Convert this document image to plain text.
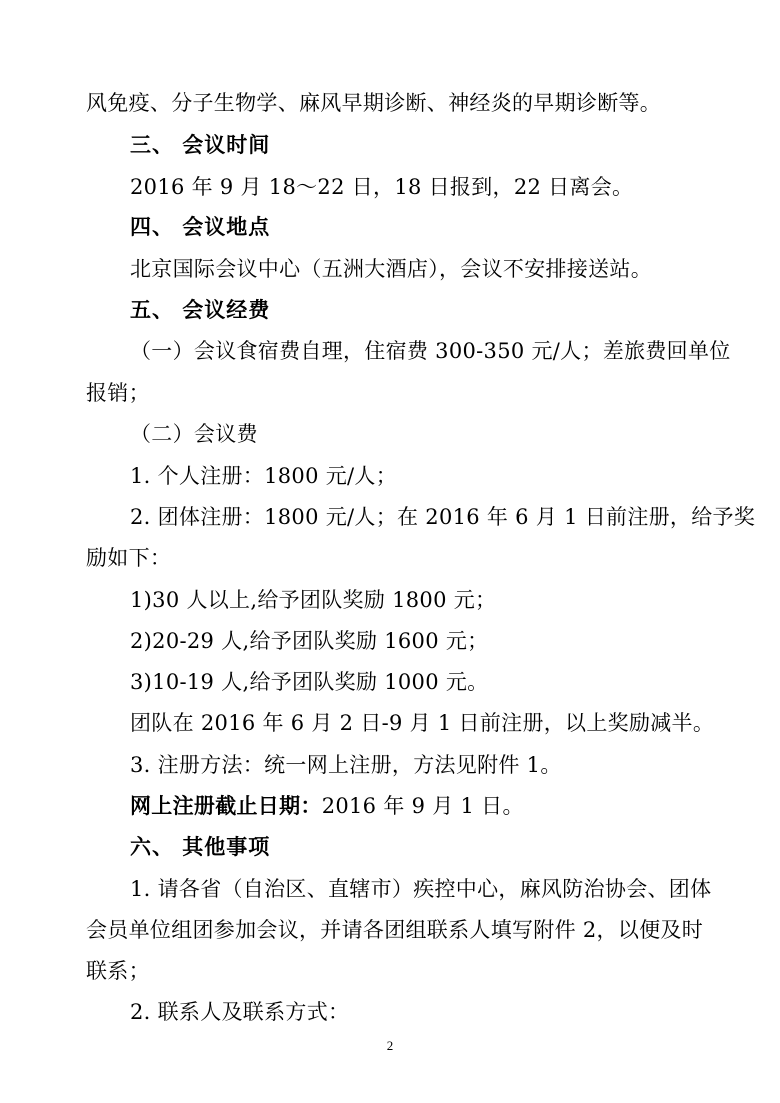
风免疫、分子生物学、麻风早期诊断、神经炎的早期诊断等。
三、 会议时间
2016 年 9 月 18～22 日，18 日报到，22 日离会。
四、 会议地点
北京国际会议中心（五洲大酒店），会议不安排接送站。
五、 会议经费
（一）会议食宿费自理，住宿费 300-350 元/人；差旅费回单位
报销；
（二）会议费
1. 个人注册：1800 元/人；
2. 团体注册：1800 元/人；在 2016 年 6 月 1 日前注册，给予奖
励如下：
1)30 人以上,给予团队奖励 1800 元；
2)20-29 人,给予团队奖励 1600 元；
3)10-19 人,给予团队奖励 1000 元。
团队在 2016 年 6 月 2 日-9 月 1 日前注册，以上奖励减半。
3. 注册方法：统一网上注册，方法见附件 1。
网上注册截止日期：2016 年 9 月 1 日。
六、 其他事项
1. 请各省（自治区、直辖市）疾控中心，麻风防治协会、团体
会员单位组团参加会议，并请各团组联系人填写附件 2，以便及时
联系；
2. 联系人及联系方式：
2
